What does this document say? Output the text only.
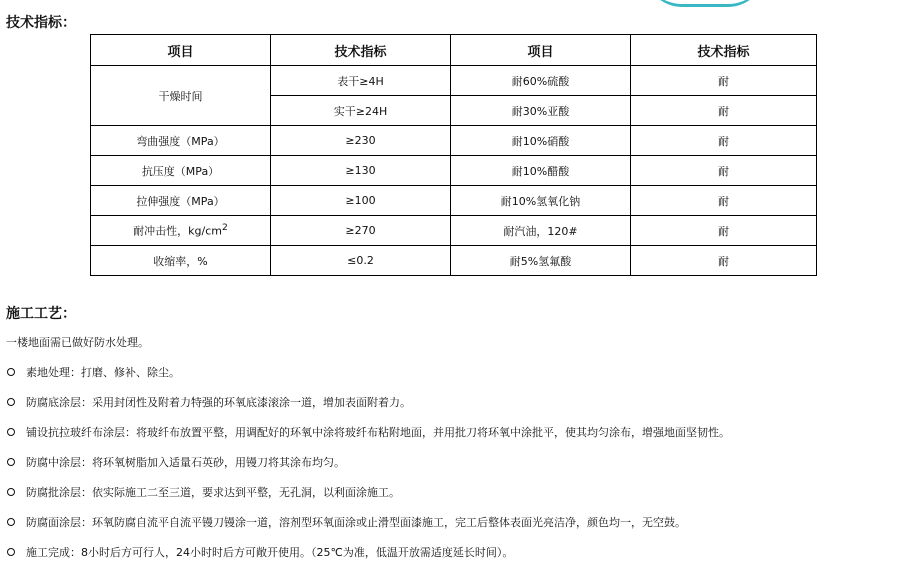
技术指标：
项目	技术指标	项目	技术指标
干燥时间	表干≥4H	耐60%硫酸	耐
	实干≥24H	耐30%亚酸	耐
弯曲强度（MPa）	≥230	耐10%硝酸	耐
抗压度（MPa）	≥130	耐10%醋酸	耐
拉伸强度（MPa）	≥100	耐10%氢氧化钠	耐
耐冲击性，$kg/cm^2$	≥270	耐汽油，120#	耐
收缩率，%	≤0.2	耐5%氢氟酸	耐
施工工艺：
一楼地面需已做好防水处理。
素地处理：打磨、修补、除尘。
防腐底涂层：采用封闭性及附着力特强的环氧底漆滚涂一道，增加表面附着力。
铺设抗拉玻纤布涂层：将玻纤布放置平整，用调配好的环氧中涂将玻纤布粘附地面，并用批刀将环氧中涂批平，使其均匀涂布，增强地面坚韧性。
防腐中涂层：将环氧树脂加入适量石英砂，用镘刀将其涂布均匀。
防腐批涂层：依实际施工二至三道，要求达到平整，无孔洞，以利面涂施工。
防腐面涂层：环氧防腐自流平自流平镘刀镘涂一道，溶剂型环氧面涂或止滑型面漆施工，完工后整体表面光亮洁净，颜色均一，无空鼓。
施工完成：8小时后方可行人，24小时时后方可敞开使用。（25℃为准，低温开放需适度延长时间）。
